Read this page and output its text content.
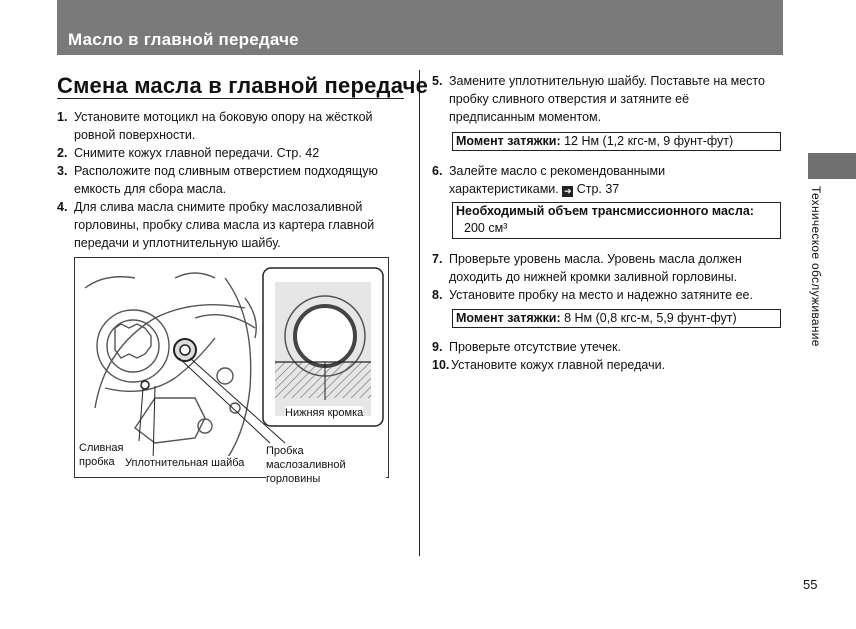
Масло в главной передаче
Техническое обслуживание
Смена масла в главной передаче
1. Установите мотоцикл на боковую опору на жёсткой ровной поверхности.
2. Снимите кожух главной передачи. Стр. 42
3. Расположите под сливным отверстием подходящую емкость для сбора масла.
4. Для слива масла снимите пробку маслозаливной горловины, пробку слива масла из картера главной передачи и уплотнительную шайбу.
Нижняя кромка
Сливная пробка Уплотнительная шайба
Пробка маслозаливной горловины
5. Замените уплотнительную шайбу. Поставьте на место пробку сливного отверстия и затяните её предписанным моментом.
Момент затяжки: 12 Нм (1,2 кгс-м, 9 фунт-фут)
6. Залейте масло с рекомендованными характеристиками. ➔ Стр. 37
Необходимый объем трансмиссионного масла:
200 см³
7. Проверьте уровень масла. Уровень масла должен доходить до нижней кромки заливной горловины.
8. Установите пробку на место и надежно затяните ее.
Момент затяжки: 8 Нм (0,8 кгс-м, 5,9 фунт-фут)
9. Проверьте отсутствие утечек.
10. Установите кожух главной передачи.
55
